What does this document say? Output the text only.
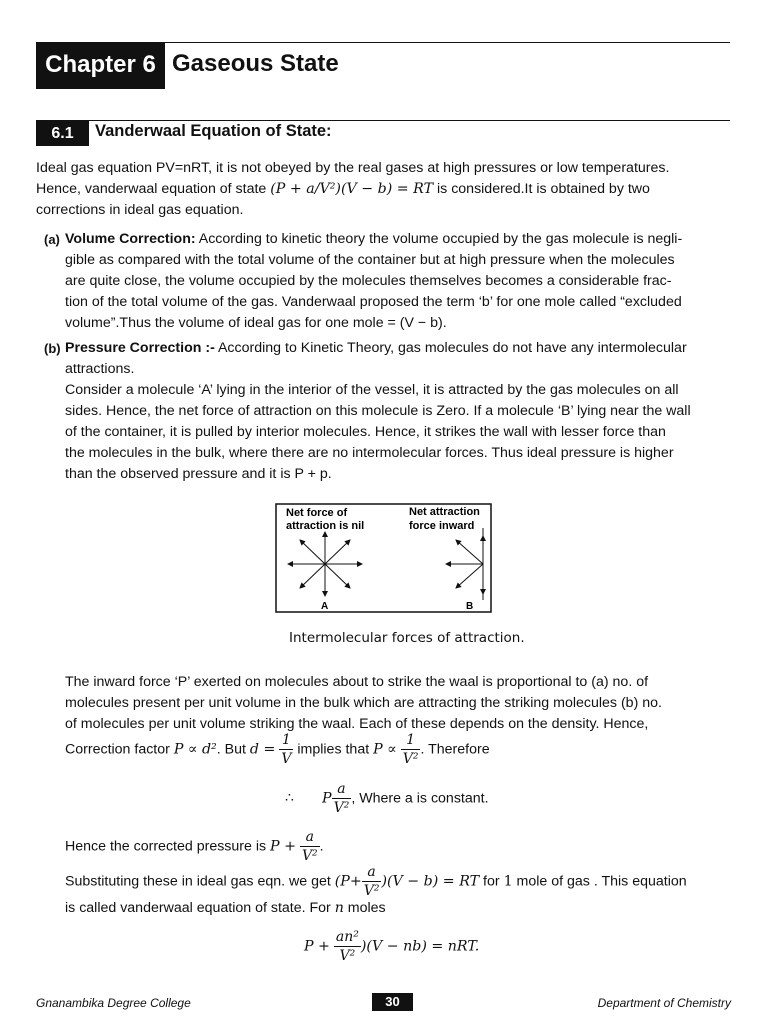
Chapter 6 Gaseous State
6.1	Vanderwaal Equation of State:
Ideal gas equation PV=nRT, it is not obeyed by the real gases at high pressures or low temperatures.
Hence, vanderwaal equation of state (P + a/V²)(V − b) = RT is considered.It is obtained by two
corrections in ideal gas equation.
(a) Volume Correction: According to kinetic theory the volume occupied by the gas molecule is negli-
gible as compared with the total volume of the container but at high pressure when the molecules
are quite close, the volume occupied by the molecules themselves becomes a considerable frac-
tion of the total volume of the gas. Vanderwaal proposed the term ‘b’ for one mole called “excluded
volume”.Thus the volume of ideal gas for one mole = (V − b).
(b) Pressure Correction :- According to Kinetic Theory, gas molecules do not have any intermolecular
attractions.
Consider a molecule ‘A’ lying in the interior of the vessel, it is attracted by the gas molecules on all
sides. Hence, the net force of attraction on this molecule is Zero. If a molecule ‘B’ lying near the wall
of the container, it is pulled by interior molecules. Hence, it strikes the wall with lesser force than
the molecules in the bulk, where there are no intermolecular forces. Thus ideal pressure is higher
than the observed pressure and it is P + p.
Net force of
attraction is nil
Net attraction
force inward
A	B
Intermolecular forces of attraction.
The inward force ‘P’ exerted on molecules about to strike the waal is proportional to (a) no. of
molecules present per unit volume in the bulk which are attracting the striking molecules (b) no.
of molecules per unit volume striking the waal. Each of these depends on the density. Hence,
Correction factor P ∝ d². But $d = \frac{1}{V}$ implies that $P \propto \frac{1}{\text{V²}}$ . Therefore
∴ P $\frac{a}{\text{V²}}$ , Where a is constant.
Hence the corrected pressure is $P + \frac{a}{\text{V²}}$ .
Substituting these in ideal gas eqn. we get $(P+ \frac{a}{\text{V²}} )(V - b)$ = RT for 1 mole of gas . This equation
is called vanderwaal equation of state. For n moles
$P + \frac{\text{an²}}{\text{V²}} )(V - nb)$ = nRT.
Gnanambika Degree College	30	Department of Chemistry
